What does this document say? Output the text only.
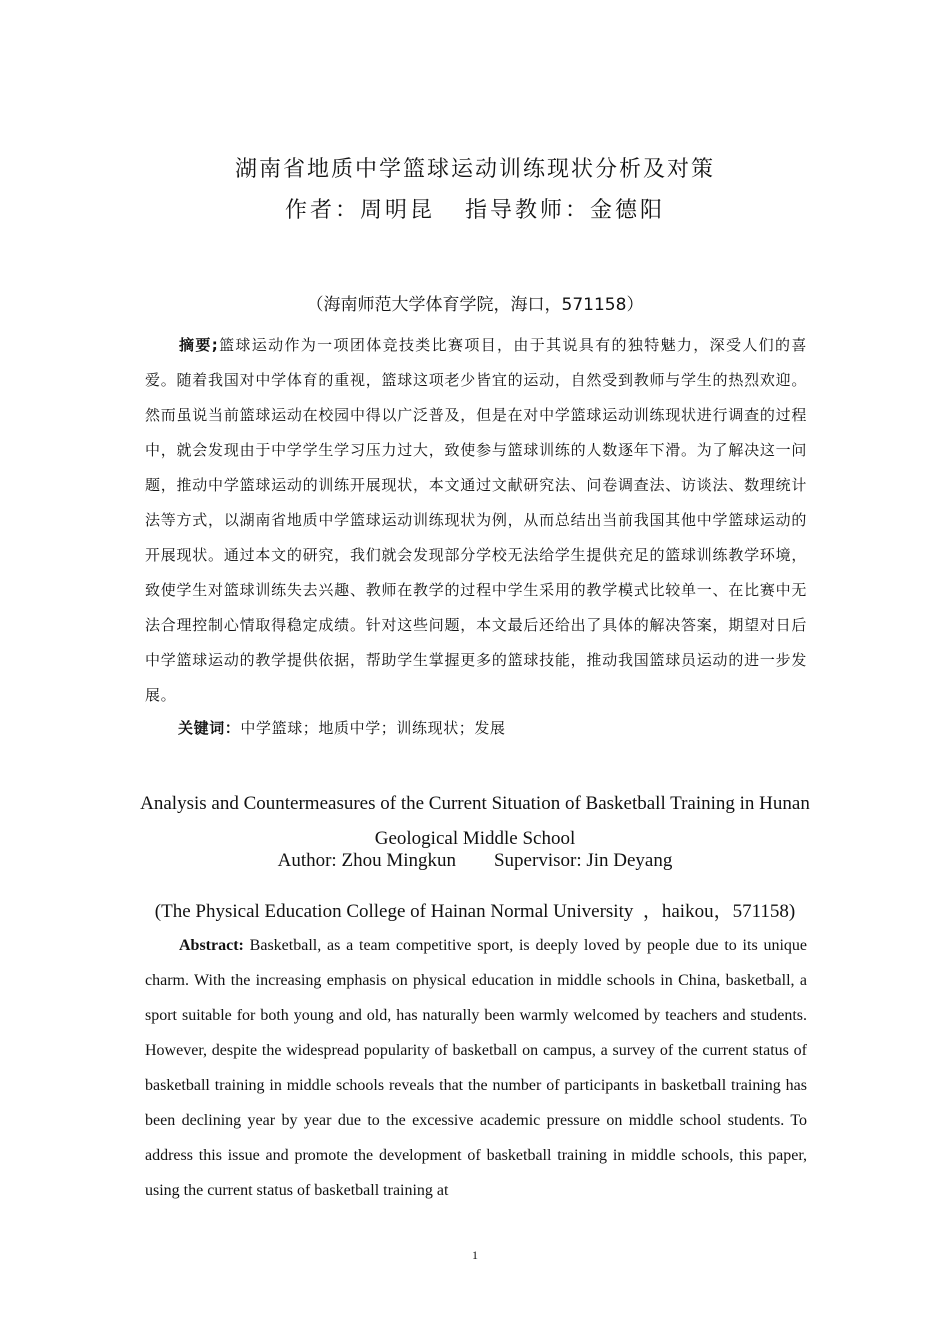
湖南省地质中学篮球运动训练现状分析及对策
作者：周明昆   指导教师：金德阳
（海南师范大学体育学院，海口，571158）

摘要;篮球运动作为一项团体竞技类比赛项目，由于其说具有的独特魅力，深受人们的喜爱。随着我国对中学体育的重视，篮球这项老少皆宜的运动，自然受到教师与学生的热烈欢迎。然而虽说当前篮球运动在校园中得以广泛普及，但是在对中学篮球运动训练现状进行调查的过程中，就会发现由于中学学生学习压力过大，致使参与篮球训练的人数逐年下滑。为了解决这一问题，推动中学篮球运动的训练开展现状，本文通过文献研究法、问卷调查法、访谈法、数理统计法等方式，以湖南省地质中学篮球运动训练现状为例，从而总结出当前我国其他中学篮球运动的开展现状。通过本文的研究，我们就会发现部分学校无法给学生提供充足的篮球训练教学环境，致使学生对篮球训练失去兴趣、教师在教学的过程中学生采用的教学模式比较单一、在比赛中无法合理控制心情取得稳定成绩。针对这些问题，本文最后还给出了具体的解决答案，期望对日后中学篮球运动的教学提供依据，帮助学生掌握更多的篮球技能，推动我国篮球员运动的进一步发展。

关键词：中学篮球；地质中学；训练现状；发展
Analysis and Countermeasures of the Current Situation of Basketball Training in Hunan Geological Middle School
Author: Zhou Mingkun        Supervisor: Jin Deyang
(The Physical Education College of Hainan Normal University  ，haikou，571158)

Abstract: Basketball, as a team competitive sport, is deeply loved by people due to its unique charm. With the increasing emphasis on physical education in middle schools in China, basketball, a sport suitable for both young and old, has naturally been warmly welcomed by teachers and students. However, despite the widespread popularity of basketball on campus, a survey of the current status of basketball training in middle schools reveals that the number of participants in basketball training has been declining year by year due to the excessive academic pressure on middle school students. To address this issue and promote the development of basketball training in middle schools, this paper, using the current status of basketball training at

1
